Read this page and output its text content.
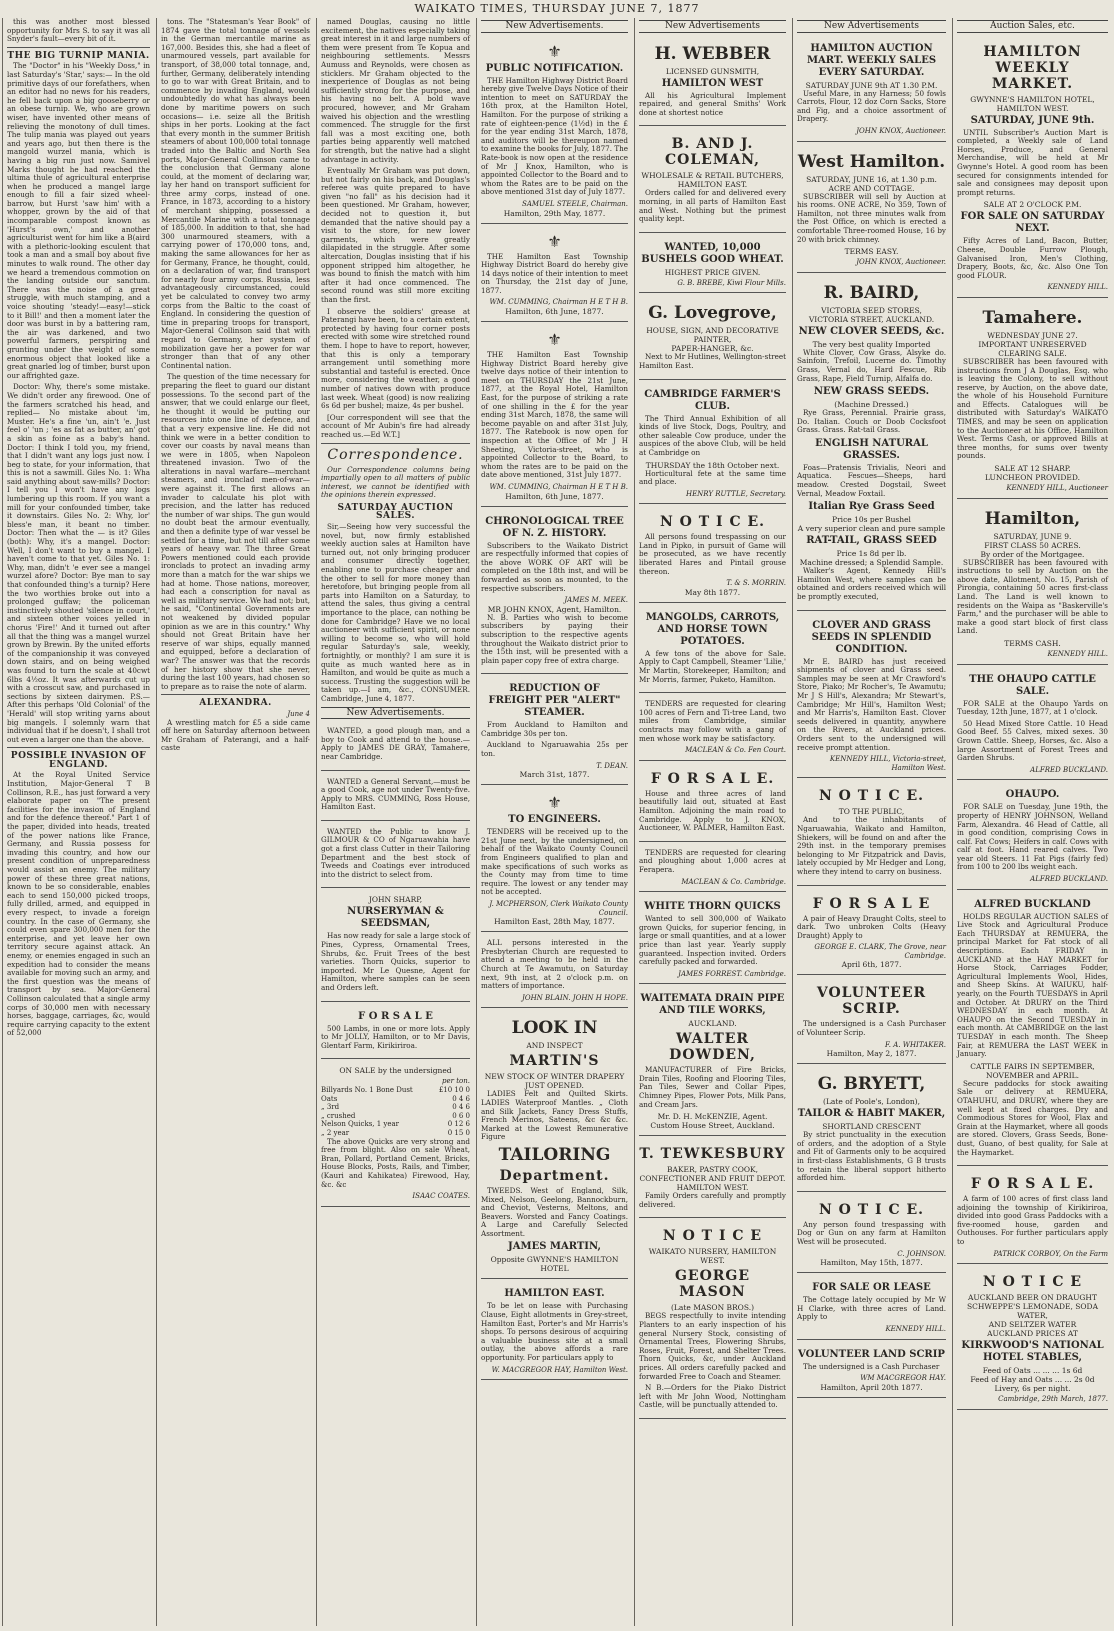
WAIKATO TIMES, THURSDAY JUNE 7, 1877

this was another most blessed opportunity for Mrs S. to say it was all Snyder's fault—every bit of it.

THE BIG TURNIP MANIA.

The "Doctor" in his "Weekly Doss," in last Saturday's 'Star,' says:— In the old primitive days of our forefathers, when an editor had no news for his readers, he fell back upon a big gooseberry or an obese turnip. We, who are grown wiser, have invented other means of relieving the monotony of dull times. The tulip mania was played out years and years ago, but then there is the mangold wurzel mania, which is having a big run just now. Samivel Marks thought he had reached the ultima thule of agricultural enterprise when he produced a mangel large enough to fill a fair sized wheel-barrow, but Hurst 'saw him' with a whopper, grown by the aid of that incomparable compost known as 'Hurst's own,' and another agriculturist went for him like a B(aird with a plethoric-looking esculent that took a man and a small boy about five minutes to walk round. The other day we heard a tremendous commotion on the landing outside our sanctum. There was the noise of a great struggle, with much stamping, and a voice shouting 'steady!—easy!—stick to it Bill!' and then a moment later the door was burst in by a battering ram, the air was darkened, and two powerful farmers, perspiring and grunting under the weight of some enormous object that looked like a great gnarled log of timber, burst upon our affrighted gaze.

Doctor: Why, there's some mistake. We didn't order any firewood. One of the farmers scratched his head, and replied— No mistake about 'im, Muster. He's a fine 'un, ain't 'e. Just feel o' 'un ; 'es as fat as butter, an' got a skin as foine as a baby's hand. Doctor: I think I told you, my friend, that I didn't want any logs just now. I beg to state, for your information, that this is not a sawmill. Giles No. 1: Wha said anything about saw-mills? Doctor: I tell you I won't have any logs lumbering up this room. If you want a mill for your confounded timber, take it downstairs. Giles No. 2: Why, lor' bless'e man, it beant no timber. Doctor: Then what the — is it? Giles (both): Why, it's a mangel. Doctor: Well, I don't want to buy a mangel. I haven't come to that yet. Giles No. 1: Why, man, didn't 'e ever see a mangel wurzel afore? Doctor: Bye man to say that confounded thing's a turnip? Here the two worthies broke out into a prolonged guffaw; the policeman instinctively shouted 'silence in court,' and sixteen other voices yelled in chorus 'Fire!' And it turned out after all that the thing was a mangel wurzel grown by Brewin. By the united efforts of the companionship it was conveyed down stairs, and on being weighed was found to turn the scale at 40cwt 6lbs 4½oz. It was afterwards cut up with a crosscut saw, and purchased in sections by sixteen dairymen. P.S.—After this perhaps 'Old Colonial' of the 'Herald' will stop writing yarns about big mangels. I solemnly warn that individual that if he doesn't, I shall trot out even a larger one than the above.

POSSIBLE INVASION OF ENGLAND.

At the Royal United Service Institution, Major-General T B Collinson, R.E., has just forward a very elaborate paper on "The present facilities for the invasion of England and for the defence thereof." Part 1 of the paper, divided into heads, treated of the power nations like France, Germany, and Russia possess for invading this country, and how our present condition of unpreparedness would assist an enemy. The military power of these three great nations, known to be so considerable, enables each to send 150,000 picked troops, fully drilled, armed, and equipped in every respect, to invade a foreign country. In the case of Germany, she could even spare 300,000 men for the enterprise, and yet leave her own territory secure against attack. An enemy, or enemies engaged in such an expedition had to consider the means available for moving such an army, and the first question was the means of transport by sea. Major-General Collinson calculated that a single army corps of 30,000 men with necessary horses, baggage, carriages, &c, would require carrying capacity to the extent of 52,000

tons. The "Statesman's Year Book" of 1874 gave the total tonnage of vessels in the German mercantile marine as 167,000. Besides this, she had a fleet of unarmoured vessels, part available for transport, of 38,000 total tonnage, and, further, Germany, deliberately intending to go to war with Great Britain, and to commence by invading England, would undoubtedly do what has always been done by maritime powers on such occasions— i.e. seize all the British ships in her ports. Looking at the fact that every month in the summer British steamers of about 100,000 total tonnage traded into the Baltic and North Sea ports, Major-General Collinson came to the conclusion that Germany alone could, at the moment of declaring war, lay her hand on transport sufficient for three army corps, instead of one. France, in 1873, according to a history of merchant shipping, possessed a Mercantile Marine with a total tonnage of 185,000. In addition to that, she had 300 unarmoured steamers, with a carrying power of 170,000 tons, and, making the same allowances for her as for Germany, France, he thought, could, on a declaration of war, find transport for nearly four army corps. Russia, less advantageously circumstanced, could yet be calculated to convey two army corps from the Baltic to the coast of England. In considering the question of time in preparing troops for transport, Major-General Collinson said that with regard to Germany, her system of mobilization gave her a power for war stronger than that of any other Continental nation.

The question of the time necessary for preparing the fleet to guard our distant possessions. To the second part of the answer, that we could enlarge our fleet, he thought it would be putting our resources into one line of defence, and that a very expensive line. He did not think we were in a better condition to cover our coasts by naval means than we were in 1805, when Napoleon threatened invasion. Two of the alterations in naval warfare—merchant steamers, and ironclad men-of-war—were against it. The first allows an invader to calculate his plot with precision, and the latter has reduced the number of war ships. The gun would no doubt beat the armour eventually, and then a definite type of war vessel be settled for a time, but not till after some years of heavy war. The three Great Powers mentioned could each provide ironclads to protect an invading army more than a match for the war ships we had at home. Those nations, moreover, had each a conscription for naval as well as military service. We had not; but, he said, "Continental Governments are not weakened by divided popular opinion as we are in this country." Why should not Great Britain have her reserve of war ships, equally manned and equipped, before a declaration of war? The answer was that the records of her history show that she never, during the last 100 years, had chosen so to prepare as to raise the note of alarm.

ALEXANDRA.
June 4

A wrestling match for £5 a side came off here on Saturday afternoon between Mr Graham of Paterangi, and a half-caste

named Douglas, causing no little excitement, the natives especially taking great interest in it and large numbers of them were present from Te Kopua and neighbouring settlements. Messrs Aumuss and Reynolds, were chosen as sticklers. Mr Graham objected to the inexperience of Douglas as not being sufficiently strong for the purpose, and his having no belt. A bold wave procured, however, and Mr Graham waived his objection and the wrestling commenced. The struggle for the first fall was a most exciting one, both parties being apparently well matched for strength, but the native had a slight advantage in activity.

Eventually Mr Graham was put down, but not fairly on his back, and Douglas's referee was quite prepared to have given "no fall" as his decision had it been questioned. Mr Graham, however, decided not to question it, but demanded that the native should pay a visit to the store, for new lower garments, which were greatly dilapidated in the struggle. After some altercation, Douglas insisting that if his opponent stripped him altogether, he was bound to finish the match with him after it had once commenced. The second round was still more exciting than the first.

I observe the soldiers' grease at Paterangi have been, to a certain extent, protected by having four corner posts erected with some wire stretched round them. I hope to have to report, however, that this is only a temporary arrangement until something more substantial and tasteful is erected. Once more, considering the weather, a good number of natives down with produce last week. Wheat (good) is now realizing 6s 6d per bushel; maize, 4s per bushel.

[Our correspondent will see that the account of Mr Aubin's fire had already reached us.—Ed W.T.]

Correspondence.

Our Correspondence columns being impartially open to all matters of public interest, we cannot be identified with the opinions therein expressed.

SATURDAY AUCTION SALES.

Sir,—Seeing how very successful the novel, but, now firmly established weekly auction sales at Hamilton have turned out, not only bringing producer and consumer directly together, enabling one to purchase cheaper and the other to sell for more money than heretofore, but bringing people from all parts into Hamilton on a Saturday, to attend the sales, thus giving a central importance to the place, can nothing be done for Cambridge? Have we no local auctioneer with sufficient spirit, or none willing to become so, who will hold regular Saturday's sale, weekly, fortnightly, or monthly? I am sure it is quite as much wanted here as in Hamilton, and would be quite as much a success. Trusting the suggestion will be taken up.—I am, &c., CONSUMER. Cambridge, June 4, 1877.

New Advertisements.

WANTED, a good plough man, and a boy to Cook and attend to the house.—Apply to JAMES DE GRAY, Tamahere, near Cambridge.

WANTED a General Servant,—must be a good Cook, age not under Twenty-five. Apply to MRS. CUMMING, Ross House, Hamilton East.

WANTED the Public to know J. GILMOUR & CO of Ngaruawahia have got a first class Cutter in their Tailoring Department and the best stock of Tweeds and Coatings ever introduced into the district to select from.

JOHN SHARP,
NURSERYMAN & SEEDSMAN,

Has now ready for sale a large stock of Pines, Cypress, Ornamental Trees, Shrubs, &c. Fruit Trees of the best varieties. Thorn Quicks, superior to imported. Mr Le Quesne, Agent for Hamilton, where samples can be seen and Orders left.

F O R S A L E

500 Lambs, in one or more lots. Apply to Mr JOLLY, Hamilton, or to Mr Davis, Glentarf Farm, Kirikiriroa.

ON SALE by the undersigned
per ton.
Billyards No. 1 Bone Dust	£10 10 0
Oats	0 4 6
„ 3rd	0 4 6
„ crushed	0 6 0
Nelson Quicks, 1 year	0 12 6
„ 2 year	0 15 0

The above Quicks are very strong and free from blight. Also on sale Wheat, Bran, Pollard, Portland Cement, Bricks, House Blocks, Posts, Rails, and Timber, (Kauri and Kahikatea) Firewood, Hay, &c. &c

ISAAC COATES.
New Advertisements.
⚜
PUBLIC NOTIFICATION.

THE Hamilton Highway District Board hereby give Twelve Days Notice of their intention to meet on SATURDAY the 16th prox, at the Hamilton Hotel, Hamilton. For the purpose of striking a rate of eighteen-pence (1½d) in the £ for the year ending 31st March, 1878, and auditors will be thereupon named to examine the books for July, 1877. The Rate-book is now open at the residence of Mr J Knox, Hamilton, who is appointed Collector to the Board and to whom the Rates are to be paid on the above mentioned 31st day of July 1877.

SAMUEL STEELE, Chairman.
Hamilton, 29th May, 1877.
⚜

THE Hamilton East Township Highway District Board do hereby give 14 days notice of their intention to meet on Thursday, the 21st day of June, 1877.

WM. CUMMING, Chairman H E T H B.
Hamilton, 6th June, 1877.
⚜

THE Hamilton East Township Highway District Board hereby give twelve days notice of their intention to meet on THURSDAY the 21st June, 1877, at the Royal Hotel, Hamilton East, for the purpose of striking a rate of one shilling in the £ for the year ending 31st March, 1878, the same will become payable on and after 31st July, 1877. The Ratebook is now open for inspection at the Office of Mr J H Sheeting, Victoria-street, who is appointed Collector to the Board, to whom the rates are to be paid on the date above mentioned, 31st July 1877.

WM. CUMMING, Chairman H E T H B.
Hamilton, 6th June, 1877.
CHRONOLOGICAL TREE OF N. Z. HISTORY.

Subscribers to the Waikato District are respectfully informed that copies of the above WORK OF ART will be completed on the 18th inst, and will be forwarded as soon as mounted, to the respective subscribers.

JAMES M. MEEK.
MR JOHN KNOX, Agent, Hamilton.

N. B. Parties who wish to become subscribers by paying their subscription to the respective agents throughout the Waikato district prior to the 15th inst, will be presented with a plain paper copy free of extra charge.

REDUCTION OF FREIGHT PER "ALERT" STEAMER.

From Auckland to Hamilton and Cambridge 30s per ton.

Auckland to Ngaruawahia 25s per ton.

T. DEAN.
March 31st, 1877.
⚜
TO ENGINEERS.

TENDERS will be received up to the 21st June next, by the undersigned, on behalf of the Waikato County Council from Engineers qualified to plan and make specifications of such works as the County may from time to time require. The lowest or any tender may not be accepted.

J. MCPHERSON, Clerk Waikato County Council.
Hamilton East, 28th May, 1877.

ALL persons interested in the Presbyterian Church are requested to attend a meeting to be held in the Church at Te Awamutu, on Saturday next, 9th inst, at 2 o'clock p.m. on matters of importance.

JOHN BLAIN. JOHN H HOPE.
LOOK IN
AND INSPECT
MARTIN'S
NEW STOCK OF WINTER DRAPERY JUST OPENED.

LADIES Felt and Quilted Skirts. LADIES Waterproof Mantles. „ Cloth and Silk Jackets, Fancy Dress Stuffs, French Merinos, Sateens, &c &c &c. Marked at the Lowest Remunerative Figure

TAILORING
Department.

TWEEDS. West of England, Silk, Mixed, Nelson, Geelong, Bannockburn, and Cheviot, Vesterns, Meltons, and Beavers. Worsted and Fancy Coatings. A Large and Carefully Selected Assortment.

JAMES MARTIN,
Opposite GWYNNE'S HAMILTON HOTEL
HAMILTON EAST.

To be let on lease with Purchasing Clause, Eight allotments in Grey-street, Hamilton East, Porter's and Mr Harris's shops. To persons desirous of acquiring a valuable business site at a small outlay, the above affords a rare opportunity. For particulars apply to

W. MACGREGOR HAY, Hamilton West.
New Advertisements
H. WEBBER
LICENSED GUNSMITH,
HAMILTON WEST

All his Agricultural Implement repaired, and general Smiths' Work done at shortest notice

B. AND J. COLEMAN,
WHOLESALE & RETAIL BUTCHERS,
HAMILTON EAST.

Orders called for and delivered every morning, in all parts of Hamilton East and West. Nothing but the primest quality kept.

WANTED, 10,000 BUSHELS GOOD WHEAT.
HIGHEST PRICE GIVEN.
G. B. BREBE, Kiwi Flour Mills.
G. Lovegrove,
HOUSE, SIGN, AND DECORATIVE PAINTER,
PAPER-HANGER, &c.

Next to Mr Hutlines, Wellington-street Hamilton East.

CAMBRIDGE FARMER'S CLUB.

The Third Annual Exhibition of all kinds of live Stock, Dogs, Poultry, and other saleable Cow produce, under the auspices of the above Club, will be held at Cambridge on

THURSDAY the 18th October next.

Horticultural fete at the same time and place.

HENRY RUTTLE, Secretary.
N O T I C E.

All persons found trespassing on our Land in Pipko, in pursuit of Game will be prosecuted, as we have recently liberated Hares and Pintail grouse thereon.

T. & S. MORRIN.
May 8th 1877.
MANGOLDS, CARROTS, AND HORSE TOWN POTATOES.

A few tons of the above for Sale. Apply to Capt Campbell, Steamer 'Lilie,' Mr Martin, Storekeeper, Hamilton; and Mr Morris, farmer, Puketo, Hamilton.

TENDERS are requested for clearing 100 acres of Fern and Ti-tree Land, two miles from Cambridge, similar contracts may follow with a gang of men whose work may be satisfactory.

MACLEAN & Co. Fen Court.
F O R S A L E.

House and three acres of land beautifully laid out, situated at East Hamilton. Adjoining the main road to Cambridge. Apply to J. KNOX, Auctioneer, W. PALMER, Hamilton East.

TENDERS are requested for clearing and ploughing about 1,000 acres at Ferapera.

MACLEAN & Co. Cambridge.
WHITE THORN QUICKS

Wanted to sell 300,000 of Waikato grown Quicks, for superior fencing, in large or small quantities, and at a lower price than last year. Yearly supply guaranteed. Inspection invited. Orders carefully packed and forwarded.

JAMES FORREST. Cambridge.
WAITEMATA DRAIN PIPE AND TILE WORKS,
AUCKLAND.
WALTER DOWDEN,

MANUFACTURER of Fire Bricks, Drain Tiles, Roofing and Flooring Tiles, Pan Tiles, Sewer and Collar Pipes, Chimney Pipes, Flower Pots, Milk Pans, and Cream Jars.

Mr. D. H. McKENZIE, Agent.
Custom House Street, Auckland.
T. TEWKESBURY
BAKER, PASTRY COOK, CONFECTIONER AND FRUIT DEPOT.
HAMILTON WEST.

Family Orders carefully and promptly delivered.

N O T I C E
WAIKATO NURSERY, HAMILTON WEST.
GEORGE MASON
(Late MASON BROS.)

BEGS respectfully to invite intending Planters to an early inspection of his general Nursery Stock, consisting of Ornamental Trees, Flowering Shrubs, Roses, Fruit, Forest, and Shelter Trees. Thorn Quicks, &c, under Auckland prices. All orders carefully packed and forwarded Free to Coach and Steamer.

N B.—Orders for the Piako District left with Mr John Wood, Nottingham Castle, will be punctually attended to.

New Advertisements
HAMILTON AUCTION MART. WEEKLY SALES EVERY SATURDAY.
SATURDAY JUNE 9th AT 1.30 P.M.

Useful Mare, in any Harness; 50 fowls Carrots, Flour, 12 doz Corn Sacks, Store and Fig, and a choice assortment of Drapery.

JOHN KNOX, Auctioneer.
West Hamilton.
SATURDAY, JUNE 16, at 1.30 p.m.
ACRE AND COTTAGE.

SUBSCRIBER will sell by Auction at his rooms. ONE ACRE, No 359, Town of Hamilton, not three minutes walk from the Post Office, on which is erected a comfortable Three-roomed House, 16 by 20 with brick chimney.

TERMS EASY.
JOHN KNOX, Auctioneer.
R. BAIRD,
VICTORIA SEED STORES,
VICTORIA STREET, AUCKLAND.
NEW CLOVER SEEDS, &c.
The very best quality Imported

White Clover, Cow Grass, Alsyke do. Sainfoin, Trefoil, Lucerne do. Timothy Grass, Vernal do, Hard Fescue, Rib Grass, Rape, Field Turnip, Alfalfa do.

NEW GRASS SEEDS.
(Machine Dressed.)

Rye Grass, Perennial. Prairie grass, Do. Italian. Couch or Doob Cocksfoot Grass. Grass. Rat-tail Grass.

ENGLISH NATURAL GRASSES.

Foas—Pratensis Trivialis, Neori and Aquatica. Fescues—Sheeps, hard meadow. Crested Dogstail, Sweet Vernal, Meadow Foxtail.

Italian Rye Grass Seed
Price 10s per Bushel
A very superior clean and pure sample
RAT-TAIL, GRASS SEED
Price 1s 8d per lb.
Machine dressed; a Splendid Sample.

Walker's Agent, Kennedy Hill's Hamilton West, where samples can be obtained and orders received which will be promptly executed,

CLOVER AND GRASS SEEDS IN SPLENDID CONDITION.

Mr E. BAIRD has just received shipments of clover and Grass seed. Samples may be seen at Mr Crawford's Store, Piako; Mr Rocher's, Te Awamutu; Mr J S Hill's, Alexandra; Mr Stewart's, Cambridge; Mr Hill's, Hamilton West; and Mr Harris's, Hamilton East. Clover seeds delivered in quantity, anywhere on the Rivers, at Auckland prices. Orders sent to the undersigned will receive prompt attention.

KENNEDY HILL, Victoria-street, Hamilton West.
N O T I C E.
TO THE PUBLIC,

And to the inhabitants of Ngaruawahia, Waikato and Hamilton, Shiekers, will be found on and after the 29th inst. in the temporary premises belonging to Mr Fitzpatrick and Davis, lately occupied by Mr Hedger and Long, where they intend to carry on business.

F O R S A L E

A pair of Heavy Draught Colts, steel to dark. Two unbroken Colts (Heavy Draught) Apply to

GEORGE E. CLARK, The Grove, near Cambridge.
April 6th, 1877.
VOLUNTEER SCRIP.

The undersigned is a Cash Purchaser of Volunteer Scrip.

F. A. WHITAKER.
Hamilton, May 2, 1877.
G. BRYETT,
(Late of Poole's, London),
TAILOR & HABIT MAKER,
SHORTLAND CRESCENT

By strict punctuality in the execution of orders, and the adoption of a Style and Fit of Garments only to be acquired in first-class Establishments, G B trusts to retain the liberal support hitherto afforded him.

N O T I C E.

Any person found trespassing with Dog or Gun on any farm at Hamilton West will be prosecuted.

C. JOHNSON.
Hamilton, May 15th, 1877.
FOR SALE OR LEASE

The Cottage lately occupied by Mr W H Clarke, with three acres of Land. Apply to

KENNEDY HILL.
VOLUNTEER LAND SCRIP

The undersigned is a Cash Purchaser

WM MACGREGOR HAY.
Hamilton, April 20th 1877.
Auction Sales, etc.
HAMILTON WEEKLY MARKET.
GWYNNE'S HAMILTON HOTEL, HAMILTON WEST.
SATURDAY, JUNE 9th.

UNTIL Subscriber's Auction Mart is completed, a Weekly sale of Land Horses, Produce, and General Merchandise, will be held at Mr Gwynne's Hotel. A good room has been secured for consignments intended for sale and consignees may deposit upon prompt returns.

SALE AT 2 O'CLOCK P.M.
FOR SALE ON SATURDAY NEXT.

Fifty Acres of Land, Bacon, Butter, Cheese, Double Furrow Plough, Galvanised Iron, Men's Clothing, Drapery, Boots, &c, &c. Also One Ton good FLOUR.

KENNEDY HILL.
Tamahere.
WEDNESDAY JUNE 27.
IMPORTANT UNRESERVED CLEARING SALE.

SUBSCRIBER has been favoured with instructions from J A Douglas, Esq. who is leaving the Colony, to sell without reserve, by Auction, on the above date, the whole of his Household Furniture and Effects. Catalogues will be distributed with Saturday's WAIKATO TIMES, and may be seen on application to the Auctioneer at his Office, Hamilton West. Terms Cash, or approved Bills at three months, for sums over twenty pounds.

SALE AT 12 SHARP.
LUNCHEON PROVIDED.
KENNEDY HILL, Auctioneer
Hamilton,
SATURDAY, JUNE 9.
FIRST CLASS 50 ACRES.
By order of the Mortgagee.

SUBSCRIBER has been favoured with instructions to sell by Auction on the above date, Allotment, No. 15, Parish of Pirongia, containing 50 acres first-class Land. The Land is well known to residents on the Waipa as "Baskerville's Farm," and the purchaser will be able to make a good start block of first class Land.

TERMS CASH.
KENNEDY HILL.
THE OHAUPO CATTLE SALE.

FOR SALE at the Ohaupo Yards on Tuesday, 12th June, 1877, at 1 o'clock.

50 Head Mixed Store Cattle. 10 Head Good Beef. 55 Calves, mixed sexes. 30 Grown Cattle. Sheep, Horses, &c. Also a large Assortment of Forest Trees and Garden Shrubs.

ALFRED BUCKLAND.
OHAUPO.

FOR SALE on Tuesday, June 19th, the property of HENRY JOHNSON, Welland Farm, Alexandra. 46 Head of Cattle, all in good condition, comprising Cows in calf. Fat Cows; Heifers in calf. Cows with calf at foot. Hand reared calves. Two year old Steers. 11 Fat Pigs (fairly fed) from 100 to 200 lbs weight each.

ALFRED BUCKLAND.
ALFRED BUCKLAND

HOLDS REGULAR AUCTION SALES of Live Stock and Agricultural Produce Each THURSDAY at REMUERA, the principal Market for Fat stock of all descriptions. Each FRIDAY in AUCKLAND at the HAY MARKET for Horse Stock, Carriages Fodder, Agricultural Implements Wool, Hides, and Sheep Skins. At WAIUKU, half-yearly, on the Fourth TUESDAYS in April and October. At DRURY on the Third WEDNESDAY in each month. At OHAUPO on the Second TUESDAY in each month. At CAMBRIDGE on the last TUESDAY in each month. The Sheep Fair, at REMUERA the LAST WEEK in January.

CATTLE FAIRS IN SEPTEMBER, NOVEMBER and APRIL.

Secure paddocks for stock awaiting Sale or delivery at REMUERA, OTAHUHU, and DRURY, where they are well kept at fixed charges. Dry and Commodious Stores for Wool, Flax and Grain at the Haymarket, where all goods are stored. Clovers, Grass Seeds, Bone-dust, Guano, of best quality, for Sale at the Haymarket.

F O R S A L E.

A farm of 100 acres of first class land adjoining the township of Kirikiriroa, divided into good Grass Paddocks with a five-roomed house, garden and Outhouses. For further particulars apply to

PATRICK CORBOY, On the Farm
N O T I C E
AUCKLAND BEER ON DRAUGHT
SCHWEPPE'S LEMONADE, SODA WATER,
AND SELTZER WATER
AUCKLAND PRICES AT
KIRKWOOD'S NATIONAL HOTEL STABLES,
Feed of Oats ... ... ... 1s 6d
Feed of Hay and Oats ... ... 2s 0d
Livery, 6s per night.
Cambridge, 29th March, 1877.
